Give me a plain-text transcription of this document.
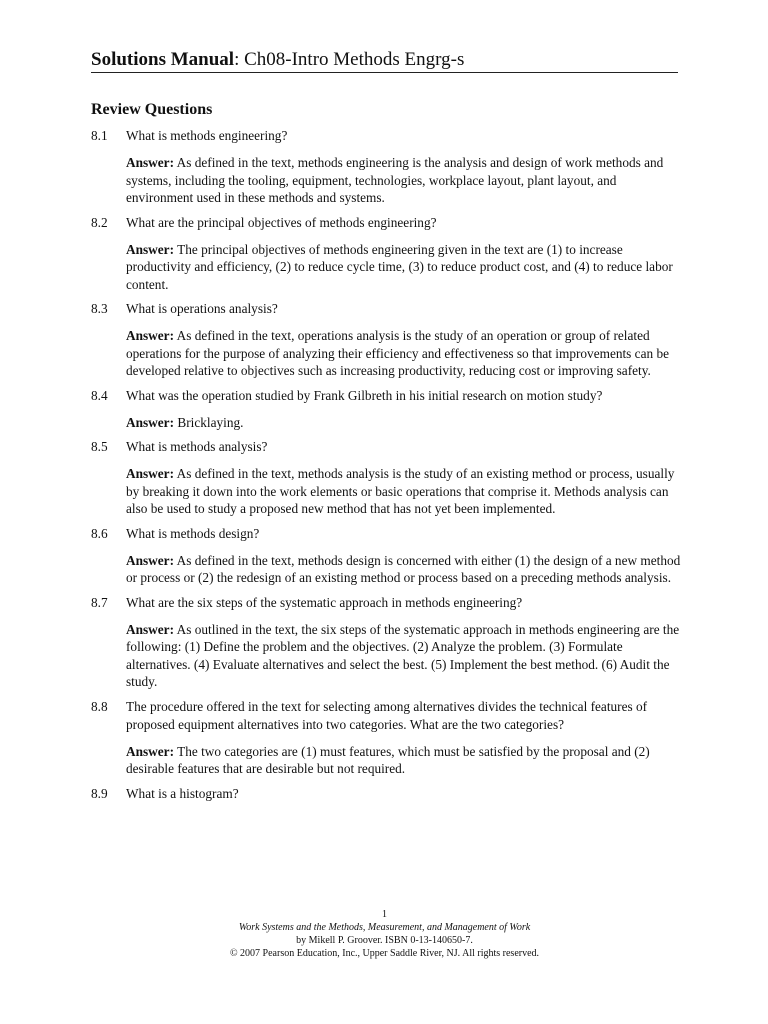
Solutions Manual: Ch08-Intro Methods Engrg-s
Review Questions
8.1	What is methods engineering?
Answer: As defined in the text, methods engineering is the analysis and design of work methods and systems, including the tooling, equipment, technologies, workplace layout, plant layout, and environment used in these methods and systems.
8.2	What are the principal objectives of methods engineering?
Answer: The principal objectives of methods engineering given in the text are (1) to increase productivity and efficiency, (2) to reduce cycle time, (3) to reduce product cost, and (4) to reduce labor content.
8.3	What is operations analysis?
Answer: As defined in the text, operations analysis is the study of an operation or group of related operations for the purpose of analyzing their efficiency and effectiveness so that improvements can be developed relative to objectives such as increasing productivity, reducing cost or improving safety.
8.4	What was the operation studied by Frank Gilbreth in his initial research on motion study?
Answer: Bricklaying.
8.5	What is methods analysis?
Answer: As defined in the text, methods analysis is the study of an existing method or process, usually by breaking it down into the work elements or basic operations that comprise it. Methods analysis can also be used to study a proposed new method that has not yet been implemented.
8.6	What is methods design?
Answer: As defined in the text, methods design is concerned with either (1) the design of a new method or process or (2) the redesign of an existing method or process based on a preceding methods analysis.
8.7	What are the six steps of the systematic approach in methods engineering?
Answer: As outlined in the text, the six steps of the systematic approach in methods engineering are the following: (1) Define the problem and the objectives. (2) Analyze the problem. (3) Formulate alternatives. (4) Evaluate alternatives and select the best. (5) Implement the best method. (6) Audit the study.
8.8	The procedure offered in the text for selecting among alternatives divides the technical features of proposed equipment alternatives into two categories. What are the two categories?
Answer: The two categories are (1) must features, which must be satisfied by the proposal and (2) desirable features that are desirable but not required.
8.9	What is a histogram?
1
Work Systems and the Methods, Measurement, and Management of Work
by Mikell P. Groover. ISBN 0-13-140650-7.
© 2007 Pearson Education, Inc., Upper Saddle River, NJ. All rights reserved.
